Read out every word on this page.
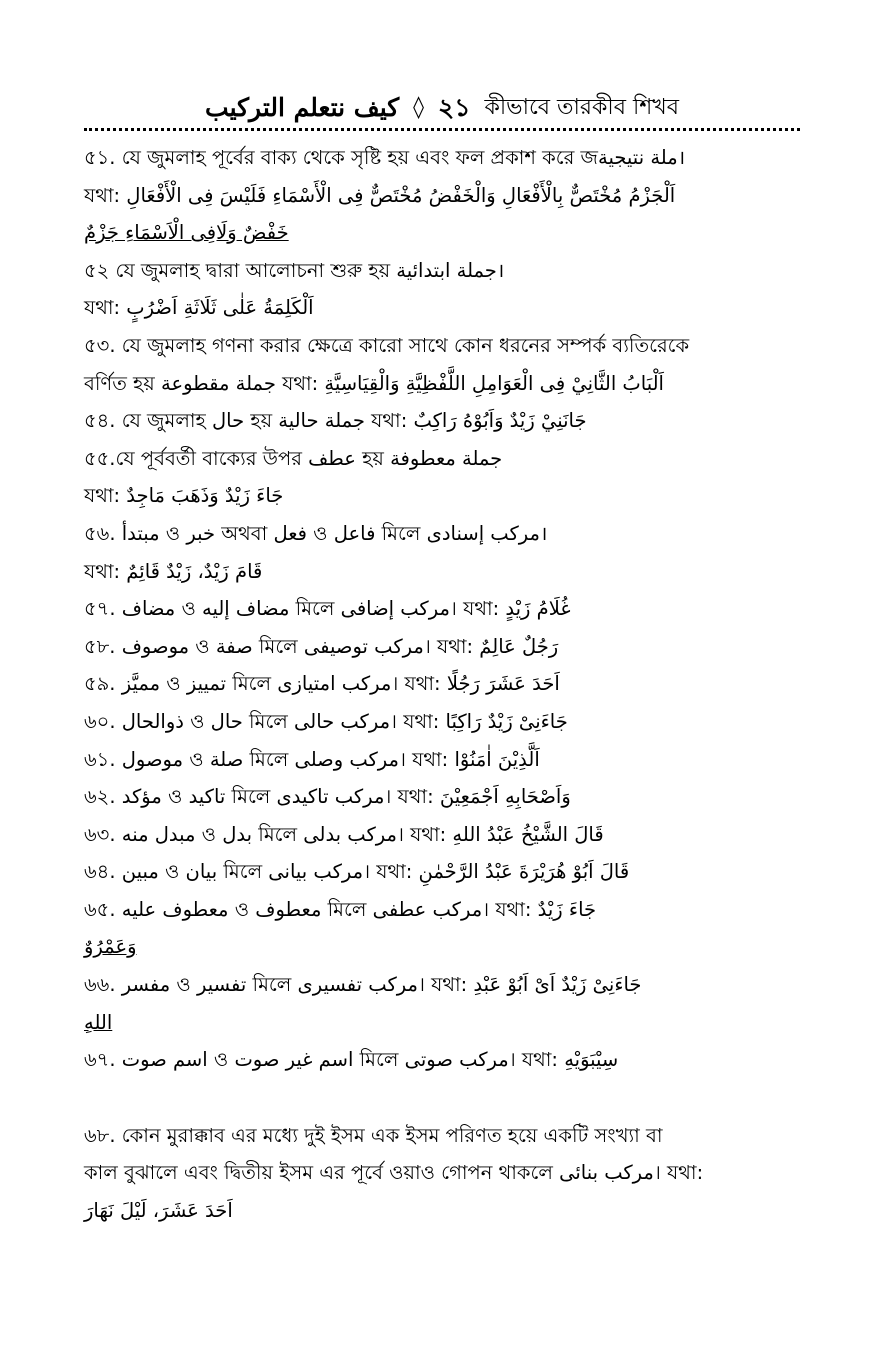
كيف نتعلم التركيب ◊ ২১ কীভাবে তারকীব শিখব
৫১. যে জুমলাহ পূর্বের বাক্য থেকে সৃষ্টি হয় এবং ফল প্রকাশ করে জملة نتيجية।
যথা: اَلْجَزْمُ مُخْتَصٌّ بِالْأَفْعَالِ وَالْخَفْضُ مُخْتَصٌّ فِى الْأَسْمَاءِ فَلَيْسَ فِى الْأَفْعَالِ
خَفْضٌ وَلَافِى الْاَسْمَاءِ جَزْمٌ
৫২ যে জুমলাহ দ্বারা আলোচনা শুরু হয় جملة ابتدائية।
যথা: اَلْكَلِمَةُ عَلٰى ثَلَاثَةِ اَضْرُبٍ
৫৩. যে জুমলাহ গণনা করার ক্ষেত্রে কারো সাথে কোন ধরনের সম্পর্ক ব্যতিরেকে
বর্ণিত হয় جملة مقطوعة যথা: اَلْبَابُ الثَّانِيْ فِى الْعَوَامِلِ اللَّفْظِيَّةِ وَالْقِيَاسِيَّةِ
৫৪. যে জুমলাহ حال হয় جملة حالية যথা: جَانَنِيْ زَيْدٌ وَاَبُوْهُ رَاكِبٌ
৫৫.যে পূর্ববর্তী বাক্যের উপর عطف হয় جملة معطوفة
যথা: جَاءَ زَيْدٌ وَذَهَبَ مَاجِدٌ
৫৬. مبتدأ ও خبر অথবা فعل ও فاعل মিলে مركب إسنادى।
যথা: قَامَ زَيْدٌ، زَيْدٌ قَائِمٌ
৫৭. مضاف ও مضاف إليه মিলে مركب إضافى। যথা: غُلَامُ زَيْدٍ
৫৮. موصوف ও صفة মিলে مركب توصيفى। যথা: رَجُلٌ عَالِمٌ
৫৯. مميَّز ও تمييز মিলে مركب امتيازى। যথা: اَحَدَ عَشَرَ رَجُلًا
৬০. ذوالحال ও حال মিলে مركب حالى। যথা: جَاءَنِىْ زَيْدٌ رَاكِبًا
৬১. موصول ও صلة মিলে مركب وصلى। যথা: اَلَّذِيْنَ اٰمَنُوْا
৬২. مؤكد ও تاكيد মিলে مركب تاكيدى। যথা: وَاَصْحَابِهِ اَجْمَعِيْنَ
৬৩. مبدل منه ও بدل মিলে مركب بدلى। যথা: قَالَ الشَّيْخُ عَبْدُ اللهِ
৬৪. مبين ও بيان মিলে مركب بيانى। যথা: قَالَ اَبُوْ هُرَيْرَةَ عَبْدُ الرَّحْمٰنِ
৬৫. معطوف عليه ও معطوف মিলে مركب عطفى। যথা: جَاءَ زَيْدٌ
وَعَمْرُوٌ
৬৬. مفسر ও تفسير মিলে مركب تفسيرى। যথা: جَاءَنِىْ زَيْدٌ اَىْ اَبُوْ عَبْدِ
اللهِ
৬৭. اسم صوت ও اسم غير صوت মিলে مركب صوتى। যথা: سِيْبَوَيْهِ
৬৮. কোন মুরাক্কাব এর মধ্যে দুই ইসম এক ইসম পরিণত হয়ে একটি সংখ্যা বা
কাল বুঝালে এবং দ্বিতীয় ইসম এর পূর্বে ওয়াও গোপন থাকলে مركب بنائى। যথা:
اَحَدَ عَشَرَ، لَيْلَ نَهَارَ
